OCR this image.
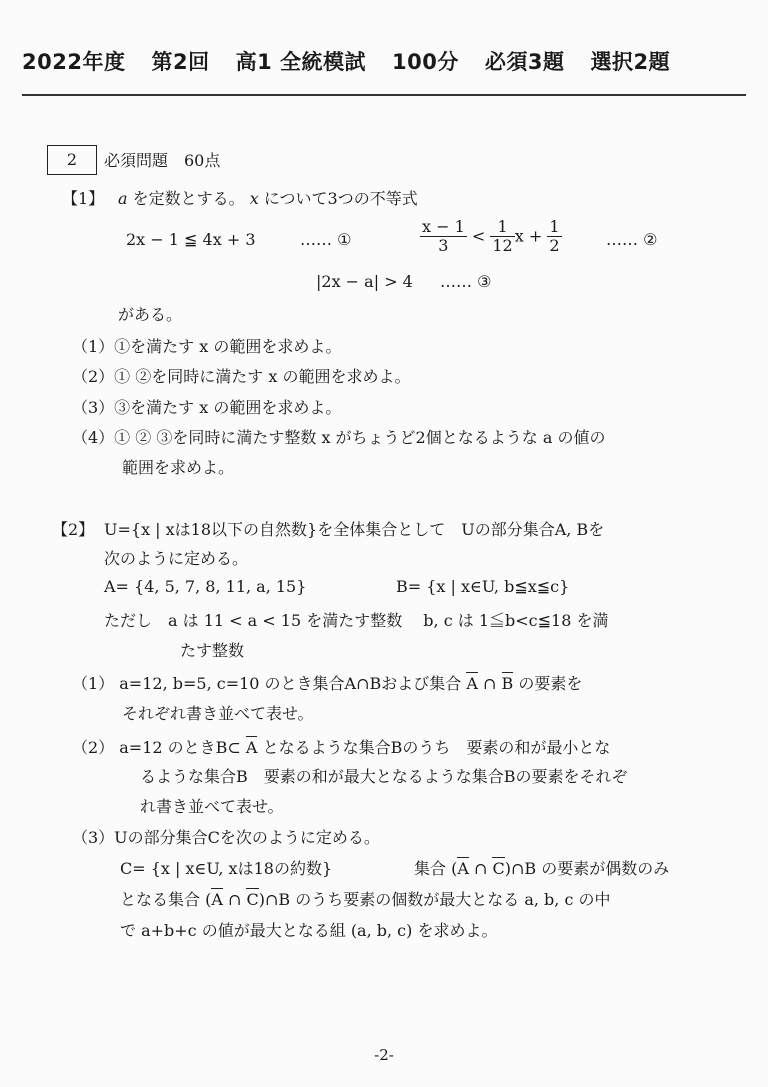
2022年度 第2回 高1 全統模試 100分 必須3題 選択2題
2	必須問題　60点
【1】 a を定数とする。 x について3つの不等式
2x − 1 ≦ 4x + 3	…… ①	$\frac{x - 1}{3} < \frac{1}{12}$ $x + \frac{1}{2}$	…… ②
|2x − a| > 4 …… ③
がある。
（1）①を満たす x の範囲を求めよ。
（2）① ②を同時に満たす x の範囲を求めよ。
（3）③を満たす x の範囲を求めよ。
（4）① ② ③を同時に満たす整数 x がちょうど2個となるような a の値の
範囲を求めよ。
【2】 U={x | xは18以下の自然数}を全体集合として　Uの部分集合A, Bを
次のように定める。
A= {4, 5, 7, 8, 11, a, 15}	B= {x | x∈U, b≦x≦c}
ただし　a は 11 < a < 15 を満たす整数　 b, c は 1≦b<c≦18 を満
たす整数
（1） a=12, b=5, c=10 のとき集合A∩Bおよび集合 A ∩ B の要素を
それぞれ書き並べて表せ。
（2） a=12 のときB⊂ A となるような集合Bのうち　要素の和が最小とな
るような集合B　要素の和が最大となるような集合Bの要素をそれぞ
れ書き並べて表せ。
（3）Uの部分集合Cを次のように定める。
C= {x | x∈U, xは18の約数}	集合 (A ∩ C)∩B の要素が偶数のみ
となる集合 (A ∩ C)∩B のうち要素の個数が最大となる a, b, c の中
で a+b+c の値が最大となる組 (a, b, c) を求めよ。
-2-
